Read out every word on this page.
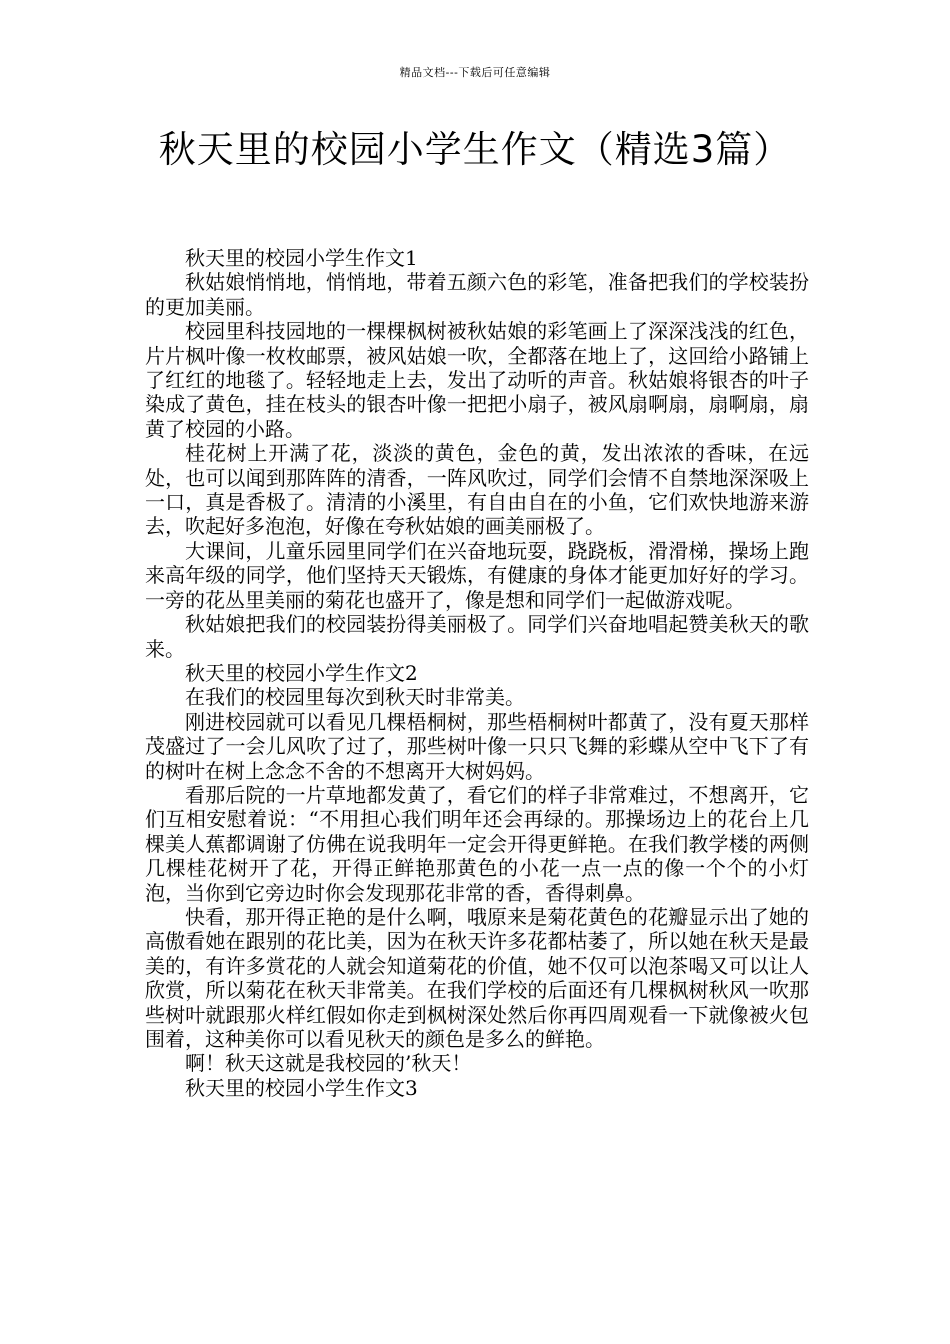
精品文档---下载后可任意编辑
秋天里的校园小学生作文（精选3篇）

秋天里的校园小学生作文1

秋姑娘悄悄地，悄悄地，带着五颜六色的彩笔，准备把我们的学校装扮的更加美丽。

校园里科技园地的一棵棵枫树被秋姑娘的彩笔画上了深深浅浅的红色，片片枫叶像一枚枚邮票，被风姑娘一吹，全都落在地上了，这回给小路铺上了红红的地毯了。轻轻地走上去，发出了动听的声音。秋姑娘将银杏的叶子染成了黄色，挂在枝头的银杏叶像一把把小扇子，被风扇啊扇，扇啊扇，扇黄了校园的小路。

桂花树上开满了花，淡淡的黄色，金色的黄，发出浓浓的香味，在远处，也可以闻到那阵阵的清香，一阵风吹过，同学们会情不自禁地深深吸上一口，真是香极了。清清的小溪里，有自由自在的小鱼，它们欢快地游来游去，吹起好多泡泡，好像在夸秋姑娘的画美丽极了。

大课间，儿童乐园里同学们在兴奋地玩耍，跷跷板，滑滑梯，操场上跑来高年级的同学，他们坚持天天锻炼，有健康的身体才能更加好好的学习。一旁的花丛里美丽的菊花也盛开了，像是想和同学们一起做游戏呢。

秋姑娘把我们的校园装扮得美丽极了。同学们兴奋地唱起赞美秋天的歌来。

秋天里的校园小学生作文2

在我们的校园里每次到秋天时非常美。

刚进校园就可以看见几棵梧桐树，那些梧桐树叶都黄了，没有夏天那样茂盛过了一会儿风吹了过了，那些树叶像一只只飞舞的彩蝶从空中飞下了有的树叶在树上念念不舍的不想离开大树妈妈。

看那后院的一片草地都发黄了，看它们的样子非常难过，不想离开，它们互相安慰着说：“不用担心我们明年还会再绿的。那操场边上的花台上几棵美人蕉都调谢了仿佛在说我明年一定会开得更鲜艳。在我们教学楼的两侧几棵桂花树开了花，开得正鲜艳那黄色的小花一点一点的像一个个的小灯泡，当你到它旁边时你会发现那花非常的香，香得刺鼻。

快看，那开得正艳的是什么啊，哦原来是菊花黄色的花瓣显示出了她的高傲看她在跟别的花比美，因为在秋天许多花都枯萎了，所以她在秋天是最美的，有许多赏花的人就会知道菊花的价值，她不仅可以泡茶喝又可以让人欣赏，所以菊花在秋天非常美。在我们学校的后面还有几棵枫树秋风一吹那些树叶就跟那火样红假如你走到枫树深处然后你再四周观看一下就像被火包围着，这种美你可以看见秋天的颜色是多么的鲜艳。

啊！秋天这就是我校园的’秋天！

秋天里的校园小学生作文3
